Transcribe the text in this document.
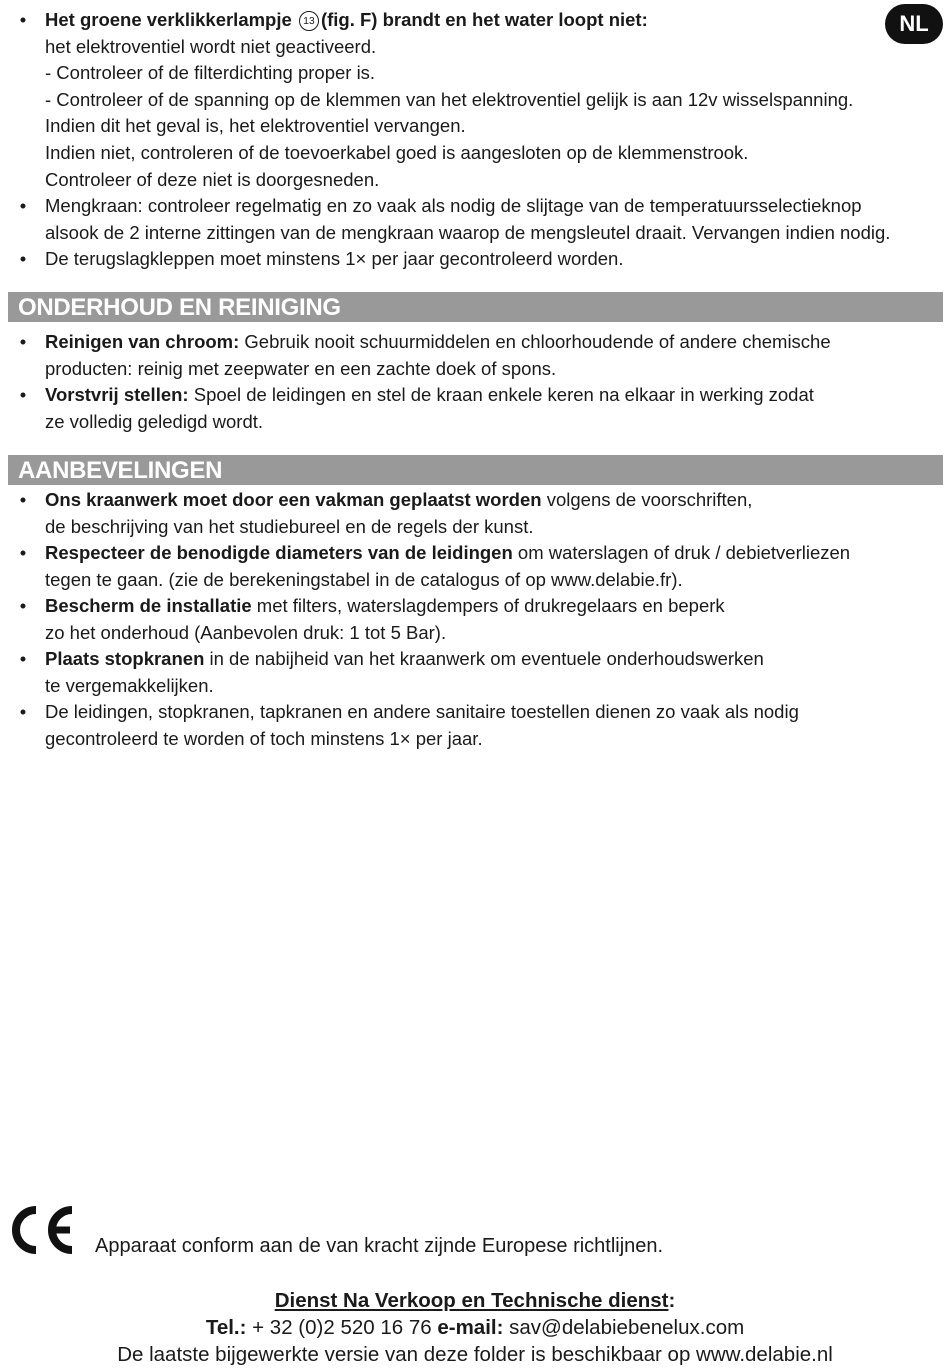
NL
• Het groene verklikkerlampje 13 (fig. F) brandt en het water loopt niet:
het elektroventiel wordt niet geactiveerd.
- Controleer of de filterdichting proper is.
- Controleer of de spanning op de klemmen van het elektroventiel gelijk is aan 12v wisselspanning.
Indien dit het geval is, het elektroventiel vervangen.
Indien niet, controleren of de toevoerkabel goed is aangesloten op de klemmenstrook.
Controleer of deze niet is doorgesneden.
• Mengkraan: controleer regelmatig en zo vaak als nodig de slijtage van de temperatuursselectieknop
alsook de 2 interne zittingen van de mengkraan waarop de mengsleutel draait. Vervangen indien nodig.
• De terugslagkleppen moet minstens 1× per jaar gecontroleerd worden.
ONDERHOUD EN REINIGING
• Reinigen van chroom: Gebruik nooit schuurmiddelen en chloorhoudende of andere chemische
producten: reinig met zeepwater en een zachte doek of spons.
• Vorstvrij stellen: Spoel de leidingen en stel de kraan enkele keren na elkaar in werking zodat
ze volledig geledigd wordt.
AANBEVELINGEN
• Ons kraanwerk moet door een vakman geplaatst worden volgens de voorschriften,
de beschrijving van het studiebureel en de regels der kunst.
• Respecteer de benodigde diameters van de leidingen om waterslagen of druk / debietverliezen
tegen te gaan. (zie de berekeningstabel in de catalogus of op www.delabie.fr).
• Bescherm de installatie met filters, waterslagdempers of drukregelaars en beperk
zo het onderhoud (Aanbevolen druk: 1 tot 5 Bar).
• Plaats stopkranen in de nabijheid van het kraanwerk om eventuele onderhoudswerken
te vergemakkelijken.
• De leidingen, stopkranen, tapkranen en andere sanitaire toestellen dienen zo vaak als nodig
gecontroleerd te worden of toch minstens 1× per jaar.
Apparaat conform aan de van kracht zijnde Europese richtlijnen.
Dienst Na Verkoop en Technische dienst:
Tel.: + 32 (0)2 520 16 76 e-mail: sav@delabiebenelux.com
De laatste bijgewerkte versie van deze folder is beschikbaar op www.delabie.nl
